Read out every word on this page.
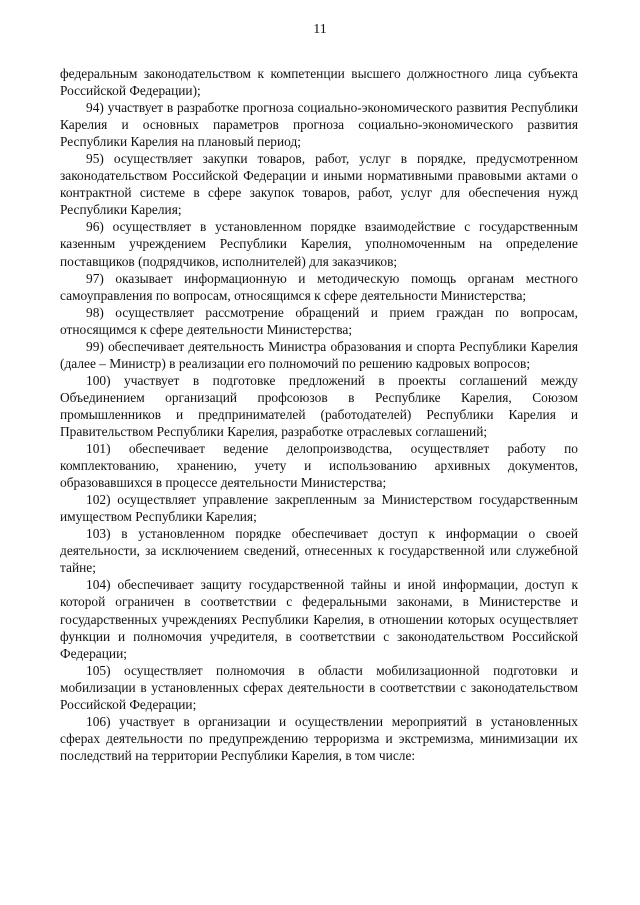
11

федеральным законодательством к компетенции высшего должностного лица субъекта Российской Федерации);

94) участвует в разработке прогноза социально-экономического развития Республики Карелия и основных параметров прогноза социально-экономического развития Республики Карелия на плановый период;

95) осуществляет закупки товаров, работ, услуг в порядке, предусмотренном законодательством Российской Федерации и иными нормативными правовыми актами о контрактной системе в сфере закупок товаров, работ, услуг для обеспечения нужд Республики Карелия;

96) осуществляет в установленном порядке взаимодействие с государственным казенным учреждением Республики Карелия, уполномоченным на определение поставщиков (подрядчиков, исполнителей) для заказчиков;

97) оказывает информационную и методическую помощь органам местного самоуправления по вопросам, относящимся к сфере деятельности Министерства;

98) осуществляет рассмотрение обращений и прием граждан по вопросам, относящимся к сфере деятельности Министерства;

99) обеспечивает деятельность Министра образования и спорта Республики Карелия (далее – Министр) в реализации его полномочий по решению кадровых вопросов;

100) участвует в подготовке предложений в проекты соглашений между Объединением организаций профсоюзов в Республике Карелия, Союзом промышленников и предпринимателей (работодателей) Республики Карелия и Правительством Республики Карелия, разработке отраслевых соглашений;

101) обеспечивает ведение делопроизводства, осуществляет работу по комплектованию, хранению, учету и использованию архивных документов, образовавшихся в процессе деятельности Министерства;

102) осуществляет управление закрепленным за Министерством государственным имуществом Республики Карелия;

103) в установленном порядке обеспечивает доступ к информации о своей деятельности, за исключением сведений, отнесенных к государственной или служебной тайне;

104) обеспечивает защиту государственной тайны и иной информации, доступ к которой ограничен в соответствии с федеральными законами, в Министерстве и государственных учреждениях Республики Карелия, в отношении которых осуществляет функции и полномочия учредителя, в соответствии с законодательством Российской Федерации;

105) осуществляет полномочия в области мобилизационной подготовки и мобилизации в установленных сферах деятельности в соответствии с законодательством Российской Федерации;

106) участвует в организации и осуществлении мероприятий в установленных сферах деятельности по предупреждению терроризма и экстремизма, минимизации их последствий на территории Республики Карелия, в том числе:
